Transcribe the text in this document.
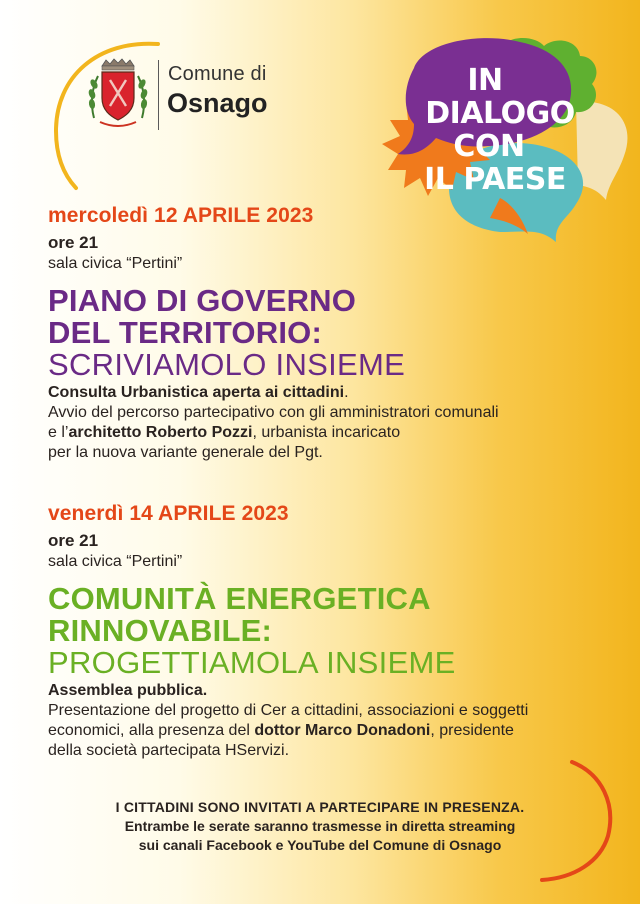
Comune di
Osnago
IN
DIALOGO
CON
IL PAESE
mercoledì 12 APRILE 2023
ore 21
sala civica “Pertini”
PIANO DI GOVERNO
DEL TERRITORIO:
SCRIVIAMOLO INSIEME
Consulta Urbanistica aperta ai cittadini.
Avvio del percorso partecipativo con gli amministratori comunali
e l’architetto Roberto Pozzi, urbanista incaricato
per la nuova variante generale del Pgt.
venerdì 14 APRILE 2023
ore 21
sala civica “Pertini”
COMUNITÀ ENERGETICA
RINNOVABILE:
PROGETTIAMOLA INSIEME
Assemblea pubblica.
Presentazione del progetto di Cer a cittadini, associazioni e soggetti
economici, alla presenza del dottor Marco Donadoni, presidente
della società partecipata HServizi.
I CITTADINI SONO INVITATI A PARTECIPARE IN PRESENZA.
Entrambe le serate saranno trasmesse in diretta streaming
sui canali Facebook e YouTube del Comune di Osnago
